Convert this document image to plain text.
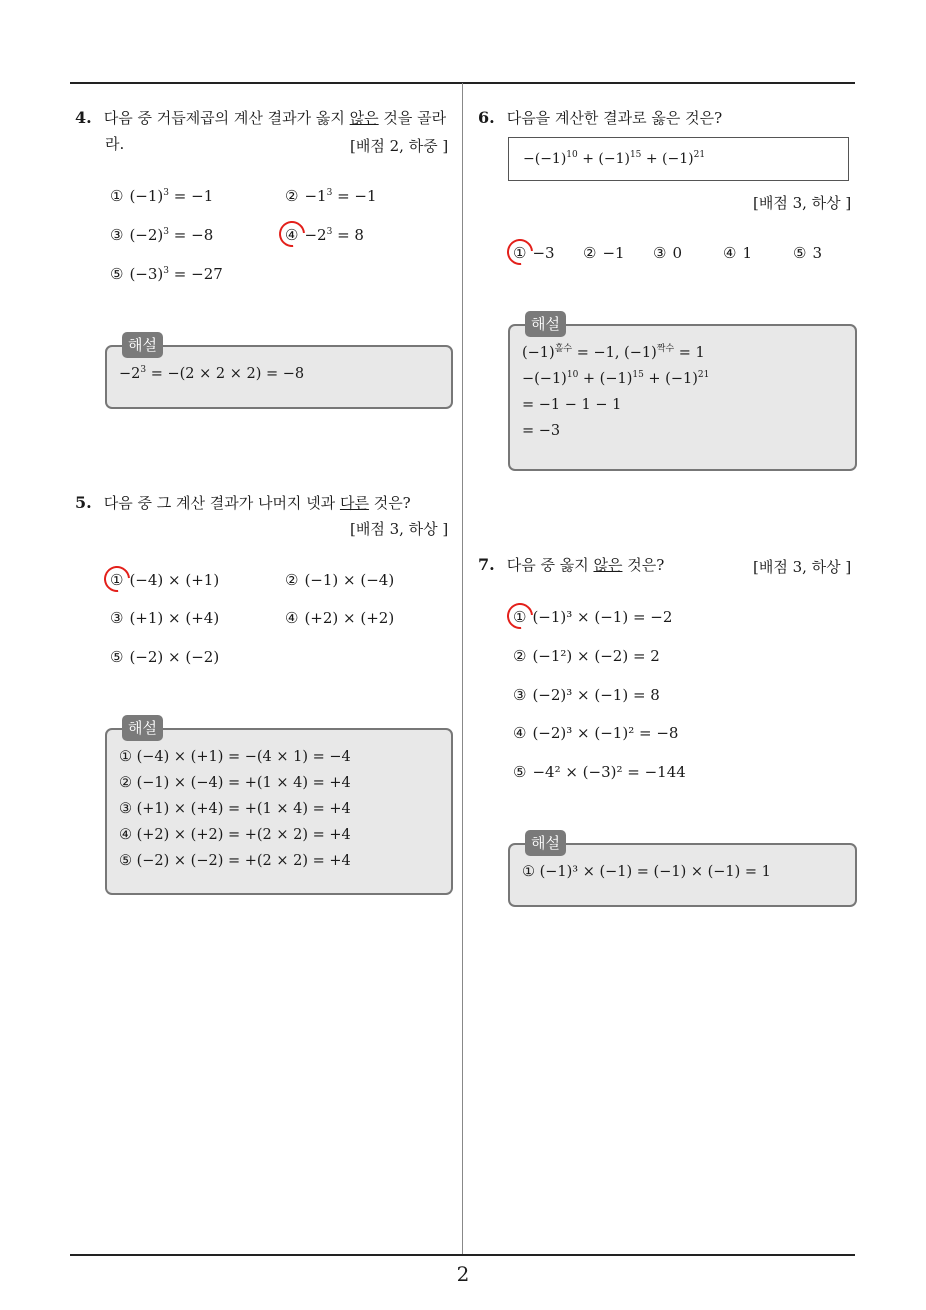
4. 다음 중 거듭제곱의 계산 결과가 옳지 않은 것을 골라
라.	[배점 2, 하중 ]
① $(-1)^3 = -1$	② $-1^3 = -1$
③ $(-2)^3 = -8$	④ $-2^3 = 8$
⑤ $(-3)^3 = -27$
해설
$-2^3 = -(2 \times 2 \times 2) = -8$
5. 다음 중 그 계산 결과가 나머지 넷과 다른 것은?
[배점 3, 하상 ]
① (−4) × (+1)	② (−1) × (−4)
③ (+1) × (+4)	④ (+2) × (+2)
⑤ (−2) × (−2)
해설
① (−4) × (+1) = −(4 × 1) = −4
② (−1) × (−4) = +(1 × 4) = +4
③ (+1) × (+4) = +(1 × 4) = +4
④ (+2) × (+2) = +(2 × 2) = +4
⑤ (−2) × (−2) = +(2 × 2) = +4
6. 다음을 계산한 결과로 옳은 것은?
$-(-1)^{10} + (-1)^{15} + (-1)^{21}$
[배점 3, 하상 ]
① −3 ② −1 ③ 0	④ 1	⑤ 3
해설
$(-1)^{홀수} = -1$, $(-1)^{짝수} = 1$
$-(-1)^{10} + (-1)^{15} + (-1)^{21}$
= −1 − 1 − 1
= −3
7. 다음 중 옳지 않은 것은?	[배점 3, 하상 ]
① (−1)³ × (−1) = −2
② (−1²) × (−2) = 2
③ (−2)³ × (−1) = 8
④ (−2)³ × (−1)² = −8
⑤ −4² × (−3)² = −144
해설
① (−1)³ × (−1) = (−1) × (−1) = 1
2
